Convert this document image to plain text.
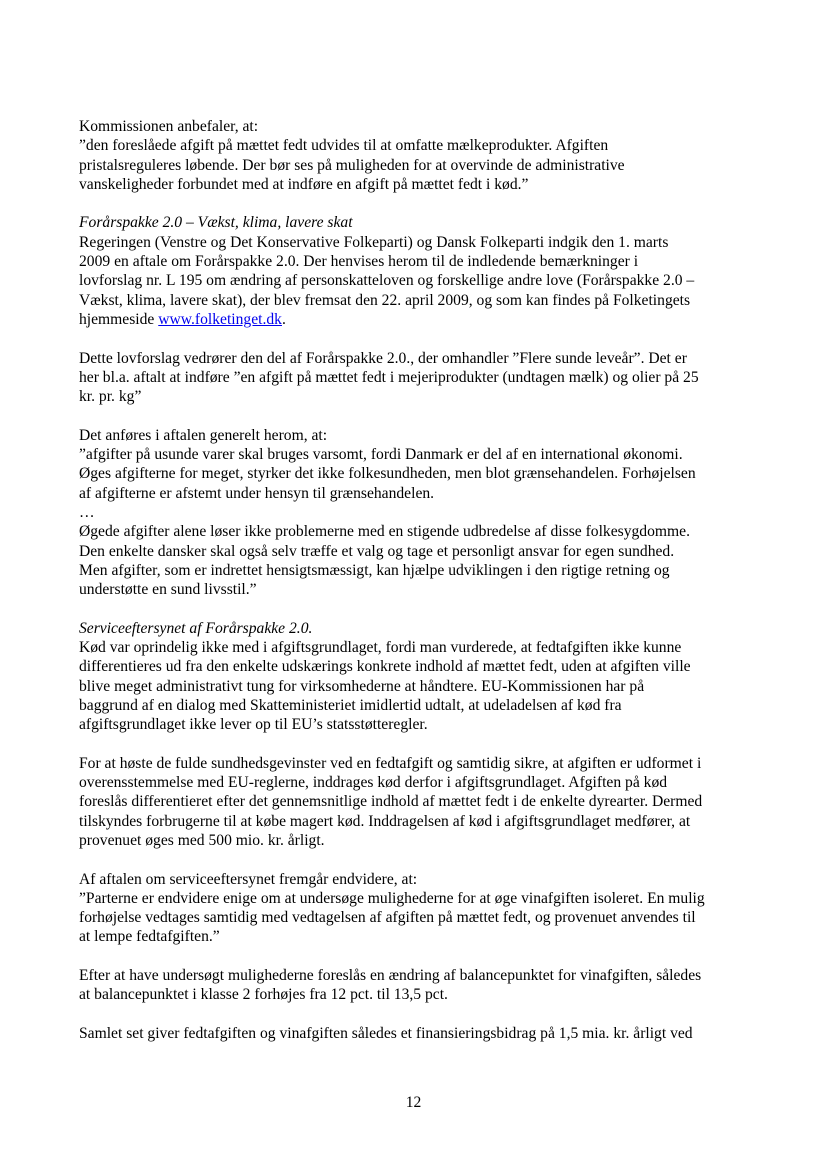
Kommissionen anbefaler, at:
”den foreslåede afgift på mættet fedt udvides til at omfatte mælkeprodukter. Afgiften
pristalsreguleres løbende. Der bør ses på muligheden for at overvinde de administrative
vanskeligheder forbundet med at indføre en afgift på mættet fedt i kød.”

Forårspakke 2.0 – Vækst, klima, lavere skat
Regeringen (Venstre og Det Konservative Folkeparti) og Dansk Folkeparti indgik den 1. marts
2009 en aftale om Forårspakke 2.0. Der henvises herom til de indledende bemærkninger i
lovforslag nr. L 195 om ændring af personskatteloven og forskellige andre love (Forårspakke 2.0 –
Vækst, klima, lavere skat), der blev fremsat den 22. april 2009, og som kan findes på Folketingets
hjemmeside www.folketinget.dk.

Dette lovforslag vedrører den del af Forårspakke 2.0., der omhandler ”Flere sunde leveår”. Det er
her bl.a. aftalt at indføre ”en afgift på mættet fedt i mejeriprodukter (undtagen mælk) og olier på 25
kr. pr. kg”

Det anføres i aftalen generelt herom, at:
”afgifter på usunde varer skal bruges varsomt, fordi Danmark er del af en international økonomi.
Øges afgifterne for meget, styrker det ikke folkesundheden, men blot grænsehandelen. Forhøjelsen
af afgifterne er afstemt under hensyn til grænsehandelen.
…
Øgede afgifter alene løser ikke problemerne med en stigende udbredelse af disse folkesygdomme.
Den enkelte dansker skal også selv træffe et valg og tage et personligt ansvar for egen sundhed.
Men afgifter, som er indrettet hensigtsmæssigt, kan hjælpe udviklingen i den rigtige retning og
understøtte en sund livsstil.”

Serviceeftersynet af Forårspakke 2.0.
Kød var oprindelig ikke med i afgiftsgrundlaget, fordi man vurderede, at fedtafgiften ikke kunne
differentieres ud fra den enkelte udskærings konkrete indhold af mættet fedt, uden at afgiften ville
blive meget administrativt tung for virksomhederne at håndtere. EU-Kommissionen har på
baggrund af en dialog med Skatteministeriet imidlertid udtalt, at udeladelsen af kød fra
afgiftsgrundlaget ikke lever op til EU’s statsstøtteregler.

For at høste de fulde sundhedsgevinster ved en fedtafgift og samtidig sikre, at afgiften er udformet i
overensstemmelse med EU-reglerne, inddrages kød derfor i afgiftsgrundlaget. Afgiften på kød
foreslås differentieret efter det gennemsnitlige indhold af mættet fedt i de enkelte dyrearter. Dermed
tilskyndes forbrugerne til at købe magert kød. Inddragelsen af kød i afgiftsgrundlaget medfører, at
provenuet øges med 500 mio. kr. årligt.

Af aftalen om serviceeftersynet fremgår endvidere, at:
”Parterne er endvidere enige om at undersøge mulighederne for at øge vinafgiften isoleret. En mulig
forhøjelse vedtages samtidig med vedtagelsen af afgiften på mættet fedt, og provenuet anvendes til
at lempe fedtafgiften.”

Efter at have undersøgt mulighederne foreslås en ændring af balancepunktet for vinafgiften, således
at balancepunktet i klasse 2 forhøjes fra 12 pct. til 13,5 pct.

Samlet set giver fedtafgiften og vinafgiften således et finansieringsbidrag på 1,5 mia. kr. årligt ved

12
